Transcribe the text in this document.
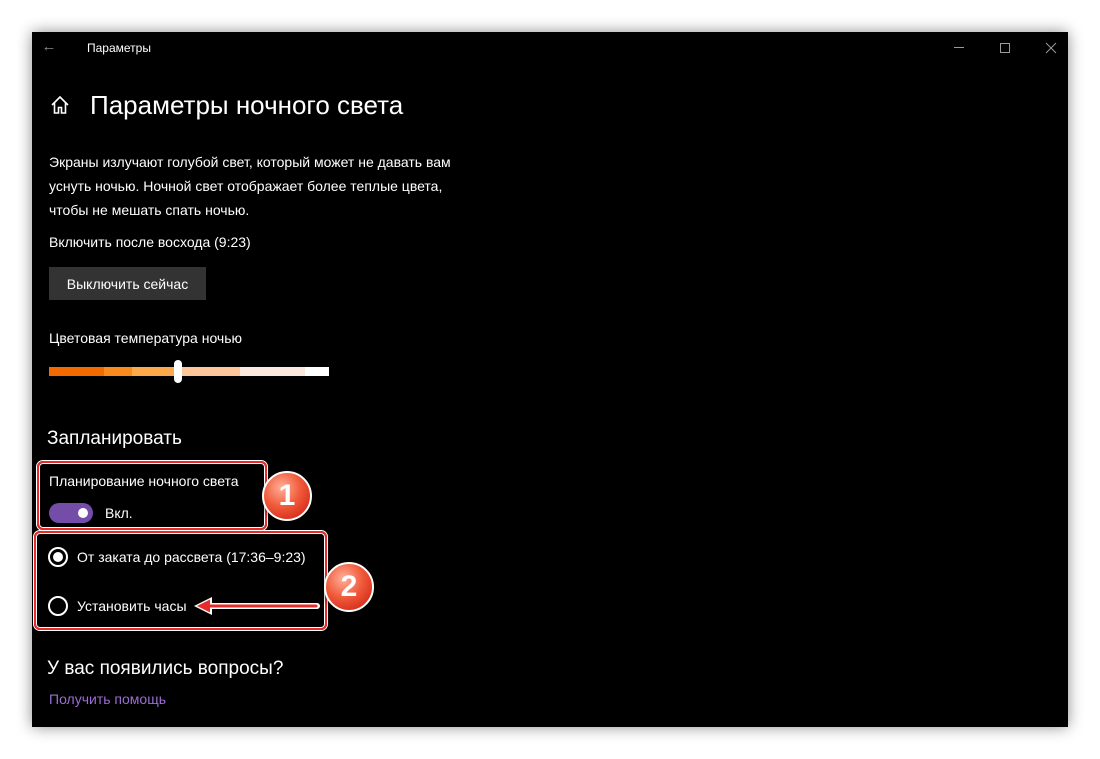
←	Параметры
Параметры ночного света

Экраны излучают голубой свет, который может не давать вам
уснуть ночью. Ночной свет отображает более теплые цвета,
чтобы не мешать спать ночью.

Включить после восхода (9:23)
Выключить сейчас
Цветовая температура ночью
Запланировать
Планирование ночного света
Вкл.
От заката до рассвета (17:36–9:23)
Установить часы
У вас появились вопросы?
Получить помощь
1
2
